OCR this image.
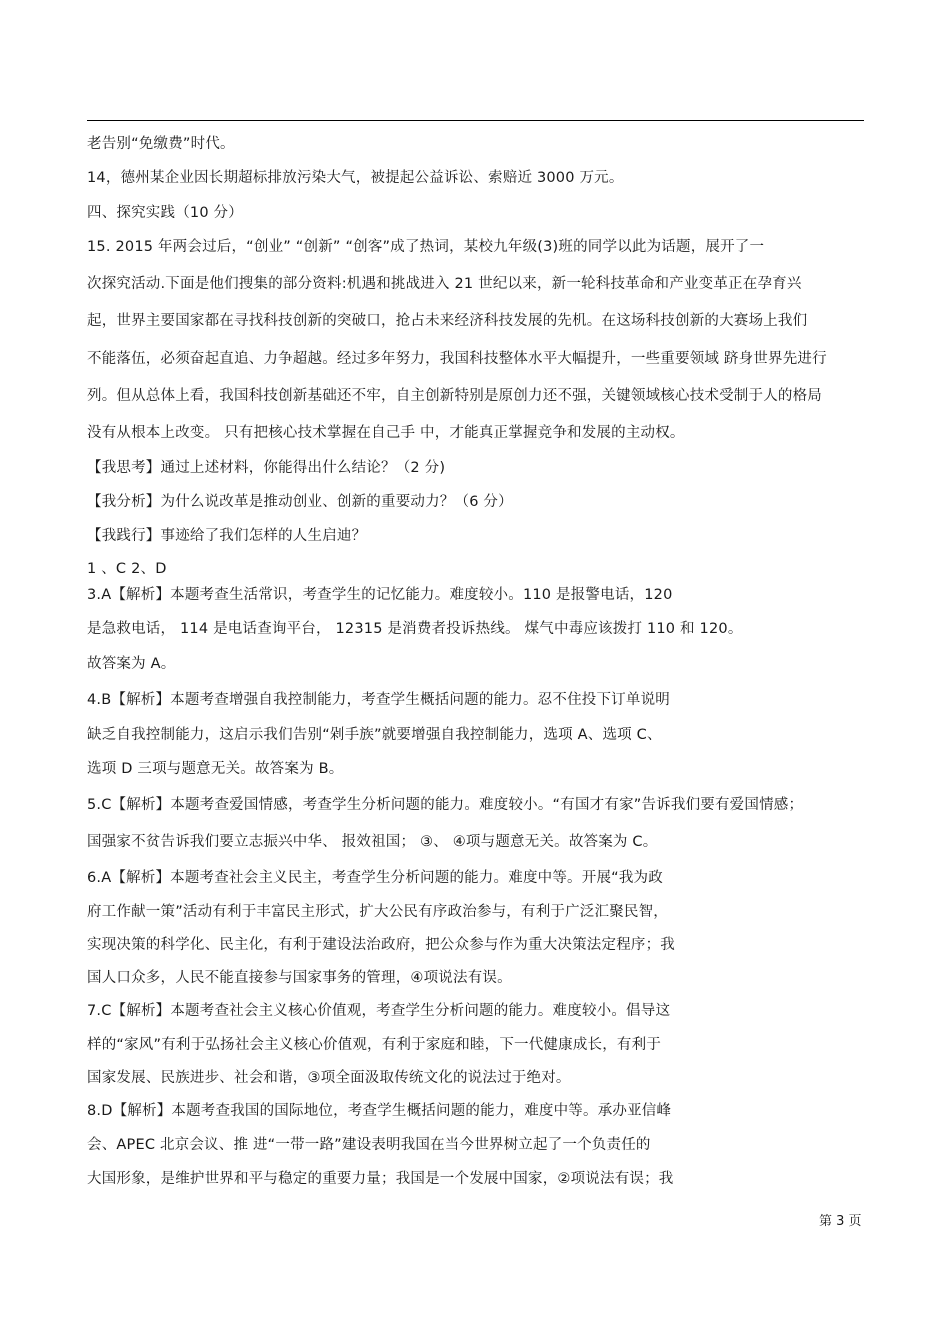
老告别“免缴费”时代。
14，德州某企业因长期超标排放污染大气，被提起公益诉讼、索赔近 3000 万元。
四、探究实践（10 分）
15. 2015 年两会过后，“创业” “创新” “创客”成了热词，某校九年级(3)班的同学以此为话题，展开了一
次探究活动.下面是他们搜集的部分资料:机遇和挑战进入 21 世纪以来，新一轮科技革命和产业变革正在孕育兴
起，世界主要国家都在寻找科技创新的突破口，抢占未来经济科技发展的先机。在这场科技创新的大赛场上我们
不能落伍，必须奋起直追、力争超越。经过多年努力，我国科技整体水平大幅提升，一些重要领域 跻身世界先进行
列。但从总体上看，我国科技创新基础还不牢，自主创新特别是原创力还不强，关键领域核心技术受制于人的格局
没有从根本上改变。 只有把核心技术掌握在自己手 中，才能真正掌握竞争和发展的主动权。
【我思考】通过上述材料，你能得出什么结论？（2 分)
【我分析】为什么说改革是推动创业、创新的重要动力？（6 分）
【我践行】事迹给了我们怎样的人生启迪？
1 、C 2、D
3.A【解析】本题考查生活常识，考查学生的记忆能力。难度较小。110 是报警电话，120
是急救电话， 114 是电话查询平台， 12315 是消费者投诉热线。 煤气中毒应该拨打 110 和 120。
故答案为 A。
4.B【解析】本题考查增强自我控制能力，考查学生概括问题的能力。忍不住投下订单说明
缺乏自我控制能力，这启示我们告别“剁手族”就要增强自我控制能力，选项 A、选项 C、
选项 D 三项与题意无关。故答案为 B。
5.C【解析】本题考查爱国情感，考查学生分析问题的能力。难度较小。“有国才有家”告诉我们要有爱国情感；
国强家不贫告诉我们要立志振兴中华、 报效祖国； ③、 ④项与题意无关。故答案为 C。
6.A【解析】本题考查社会主义民主，考查学生分析问题的能力。难度中等。开展“我为政
府工作献一策”活动有利于丰富民主形式，扩大公民有序政治参与，有利于广泛汇聚民智，
实现决策的科学化、民主化，有利于建设法治政府，把公众参与作为重大决策法定程序；我
国人口众多，人民不能直接参与国家事务的管理，④项说法有误。
7.C【解析】本题考查社会主义核心价值观，考查学生分析问题的能力。难度较小。倡导这
样的“家风”有利于弘扬社会主义核心价值观，有利于家庭和睦，下一代健康成长，有利于
国家发展、民族进步、社会和谐，③项全面汲取传统文化的说法过于绝对。
8.D【解析】本题考查我国的国际地位，考查学生概括问题的能力，难度中等。承办亚信峰
会、APEC 北京会议、推 进“一带一路”建设表明我国在当今世界树立起了一个负责任的
大国形象，是维护世界和平与稳定的重要力量；我国是一个发展中国家，②项说法有误；我
第 3 页
